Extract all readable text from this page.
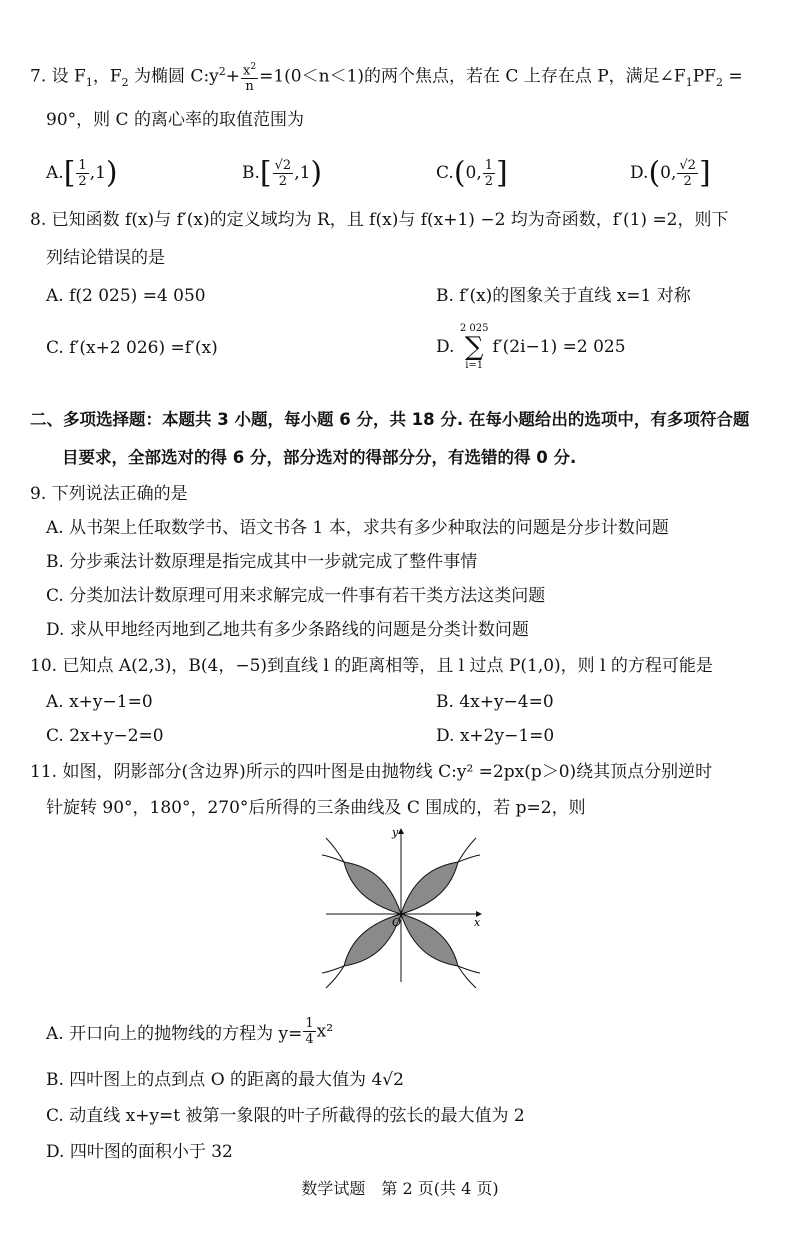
7. 设 $F_1$，$F_2$ 为椭圆 $C:y^2+ \frac{x^2}{n} =1(0<n<1)$的两个焦点，若在 C 上存在点 P，满足$\angle F_1PF_2$ =
90°，则 C 的离心率的取值范围为
$A.[ \frac{1}{2} ,1)$	$B.[ \frac{√2}{2} ,1)$	C.(0, $\frac{1}{2}$ ]	D.(0, $\frac{√2}{2}$ ]
8. 已知函数 f(x)与 f′(x)的定义域均为 R，且 f(x)与 f(x+1) −2 均为奇函数，f′(1) =2，则下
列结论错误的是
A. f(2 025) =4 050	B. f′(x)的图象关于直线 x=1 对称
C. f′(x+2 026) =f′(x)	D.
2 025
∑
i=1
f′(2i−1) =2 025
二、多项选择题：本题共 3 小题，每小题 6 分，共 18 分. 在每小题给出的选项中，有多项符合题
目要求，全部选对的得 6 分，部分选对的得部分分，有选错的得 0 分.
9. 下列说法正确的是
A. 从书架上任取数学书、语文书各 1 本，求共有多少种取法的问题是分步计数问题
B. 分步乘法计数原理是指完成其中一步就完成了整件事情
C. 分类加法计数原理可用来求解完成一件事有若干类方法这类问题
D. 求从甲地经丙地到乙地共有多少条路线的问题是分类计数问题
10. 已知点 A(2,3)，B(4，−5)到直线 l 的距离相等，且 l 过点 P(1,0)，则 l 的方程可能是
A. x+y−1=0	B. 4x+y−4=0
C. 2x+y−2=0	D. x+2y−1=0
11. 如图，阴影部分(含边界)所示的四叶图是由抛物线 C:y² =2px(p＞0)绕其顶点分别逆时
针旋转 90°，180°，270°后所得的三条曲线及 C 围成的，若 p=2，则
y
x
O
A. 开口向上的抛物线的方程为 $y= \frac{1}{4} x^2$
B. 四叶图上的点到点 O 的距离的最大值为 4√2
C. 动直线 x+y=t 被第一象限的叶子所截得的弦长的最大值为 2
D. 四叶图的面积小于 32
数学试题　第 2 页(共 4 页)
